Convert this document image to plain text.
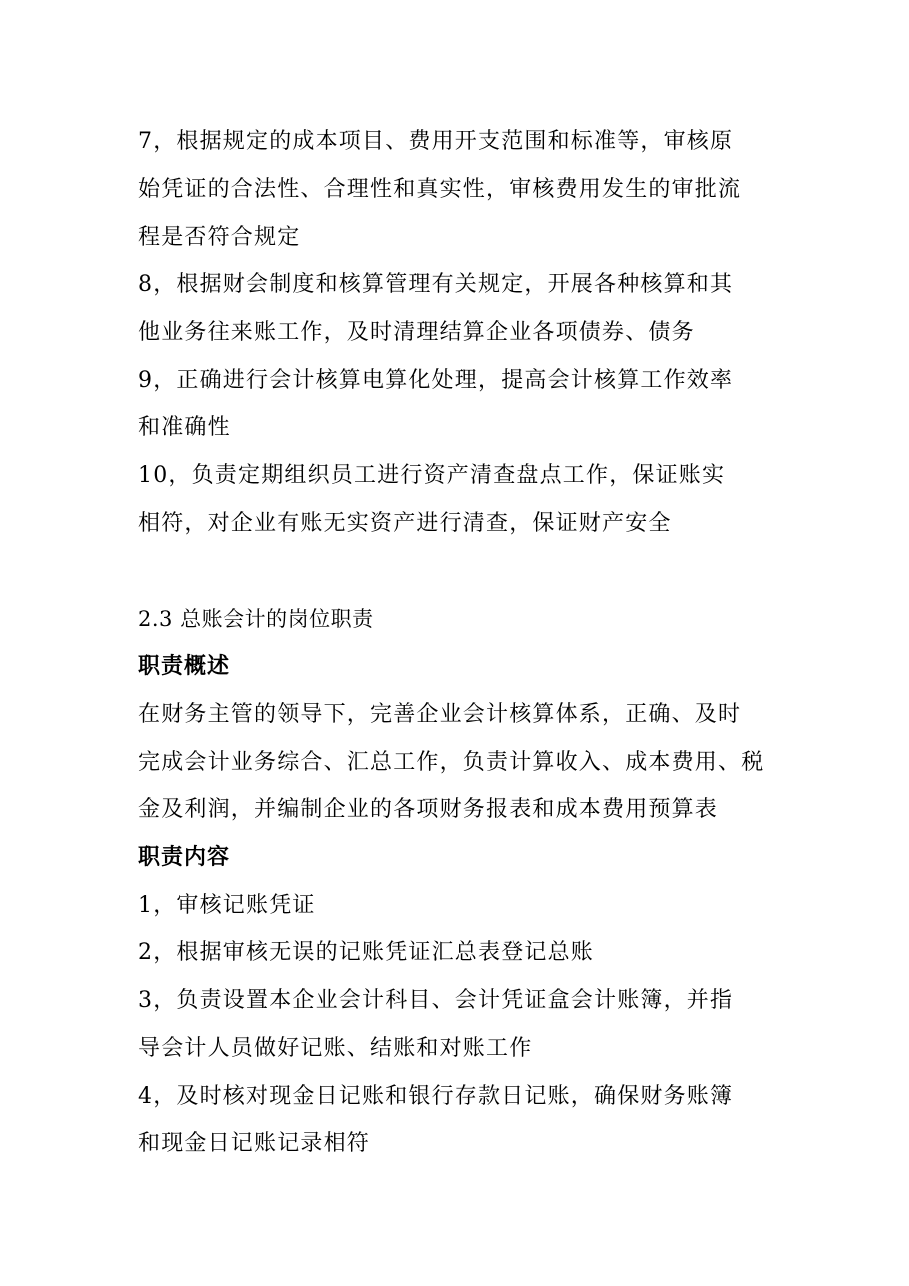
7，根据规定的成本项目、费用开支范围和标准等，审核原
始凭证的合法性、合理性和真实性，审核费用发生的审批流
程是否符合规定
8，根据财会制度和核算管理有关规定，开展各种核算和其
他业务往来账工作，及时清理结算企业各项债券、债务
9，正确进行会计核算电算化处理，提高会计核算工作效率
和准确性
10，负责定期组织员工进行资产清查盘点工作，保证账实
相符，对企业有账无实资产进行清查，保证财产安全
2.3 总账会计的岗位职责
职责概述
在财务主管的领导下，完善企业会计核算体系，正确、及时
完成会计业务综合、汇总工作，负责计算收入、成本费用、税
金及利润，并编制企业的各项财务报表和成本费用预算表
职责内容
1，审核记账凭证
2，根据审核无误的记账凭证汇总表登记总账
3，负责设置本企业会计科目、会计凭证盒会计账簿，并指
导会计人员做好记账、结账和对账工作
4，及时核对现金日记账和银行存款日记账，确保财务账簿
和现金日记账记录相符
